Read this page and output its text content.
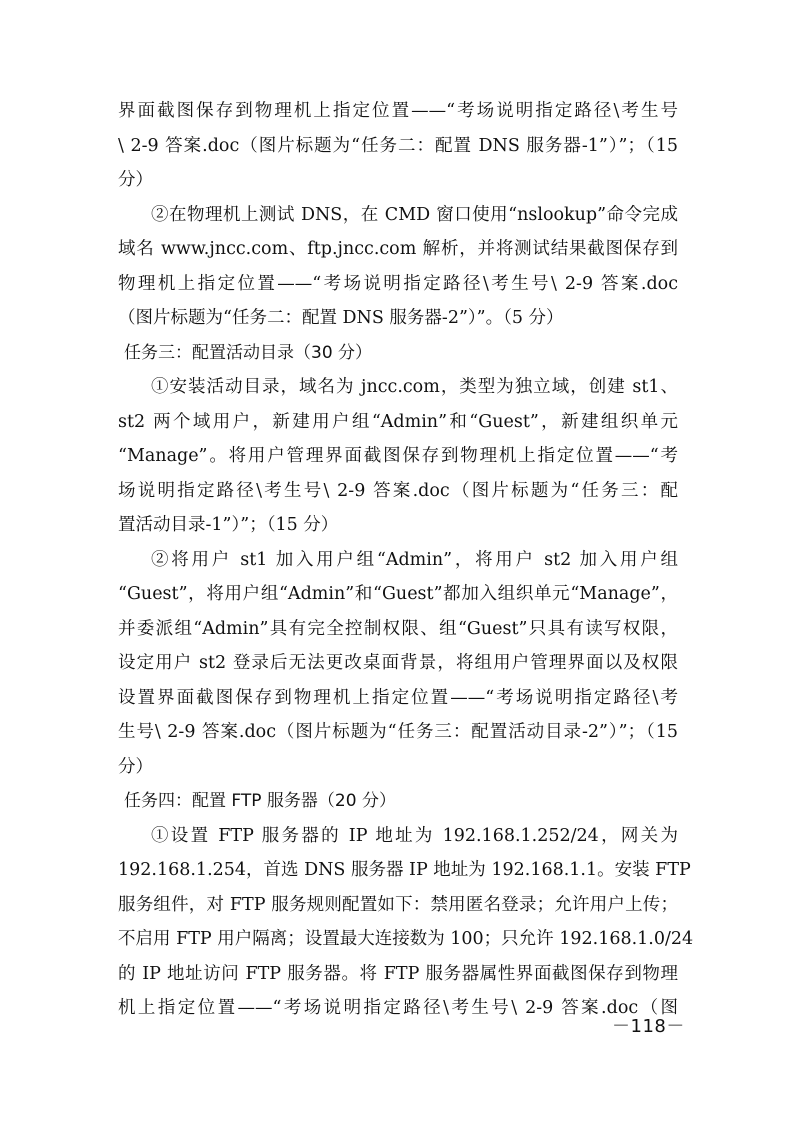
界面截图保存到物理机上指定位置——“考场说明指定路径\考生号
\ 2-9 答案.doc（图片标题为“任务二：配置 DNS 服务器-1”）”；（15
分）
②在物理机上测试 DNS，在 CMD 窗口使用“nslookup”命令完成
域名 www.jncc.com、ftp.jncc.com 解析，并将测试结果截图保存到
物理机上指定位置——“考场说明指定路径\考生号\ 2-9 答案.doc
（图片标题为“任务二：配置 DNS 服务器-2”）”。（5 分）
任务三：配置活动目录（30 分）
①安装活动目录，域名为 jncc.com，类型为独立域，创建 st1、
st2 两个域用户，新建用户组“Admin”和“Guest”，新建组织单元
“Manage”。将用户管理界面截图保存到物理机上指定位置——“考
场说明指定路径\考生号\ 2-9 答案.doc（图片标题为“任务三：配
置活动目录-1”）”；（15 分）
②将用户 st1 加入用户组“Admin”，将用户 st2 加入用户组
“Guest”，将用户组“Admin”和“Guest”都加入组织单元“Manage”，
并委派组“Admin”具有完全控制权限、组“Guest”只具有读写权限，
设定用户 st2 登录后无法更改桌面背景，将组用户管理界面以及权限
设置界面截图保存到物理机上指定位置——“考场说明指定路径\考
生号\ 2-9 答案.doc（图片标题为“任务三：配置活动目录-2”）”；（15
分）
任务四：配置 FTP 服务器（20 分）
①设置 FTP 服务器的 IP 地址为 192.168.1.252/24，网关为
192.168.1.254，首选 DNS 服务器 IP 地址为 192.168.1.1。安装 FTP
服务组件，对 FTP 服务规则配置如下：禁用匿名登录；允许用户上传；
不启用 FTP 用户隔离；设置最大连接数为 100；只允许 192.168.1.0/24
的 IP 地址访问 FTP 服务器。将 FTP 服务器属性界面截图保存到物理
机上指定位置——“考场说明指定路径\考生号\ 2-9 答案.doc（图
－118－
